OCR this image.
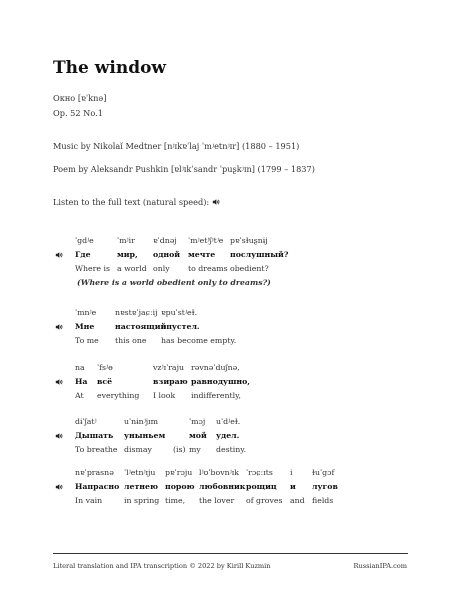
The window
Окно [ɐˈknə]
Op. 52 No.1
Music by Nikolaĭ Medtner [nʲɪkɐˈlaj ˈmʲetnʲɪr] (1880 – 1951)
Poem by Aleksandr Pushkin [ɐlʲɪkˈsandr ˈpuʂkʲɪn] (1799 – 1837)
Listen to the full text (natural speed):
ˈgdʲe
Где
Where is
ˈmʲir
мир,
a world
ɐˈdnəj
одной
only
ˈmʲetʲʃʲtʲe
мечте
to dreams
pɐˈsɫuʂnɨj
послушный?
obedient?
(Where is a world obedient only to dreams?)
ˈmnʲe
Мне
To me
nɐstɐˈjaɕːij
настоящий
this one
ɐpuˈstʲeɫ.
опустел.
has become empty.
na
На
At
ˈfsʲɵ
всё
everything
vzʲɪˈraju
взираю
I look
rəvnəˈduʃnə,
равнодушно,
indifferently,
dɨˈʃatʲ
Дышать
To breathe
uˈnɨnʲjɪm
уныньем
dismay	(is)
ˈmɔj
мой
my
uˈdʲeɫ.
удел.
destiny.
nɐˈprasnə
Напрасно
In vain
ˈlʲetnʲɪju
летнею
in spring
pɐˈrɔju
порою
time,
lʲʊˈbovnʲɪk
любовник
the lover
ˈrɔɕːɪts
рощиц
of groves
i
и
and
ɫuˈgɔf
лугов
fields
Literal translation and IPA transcription © 2022 by Kirill Kuzmin	RussianIPA.com
